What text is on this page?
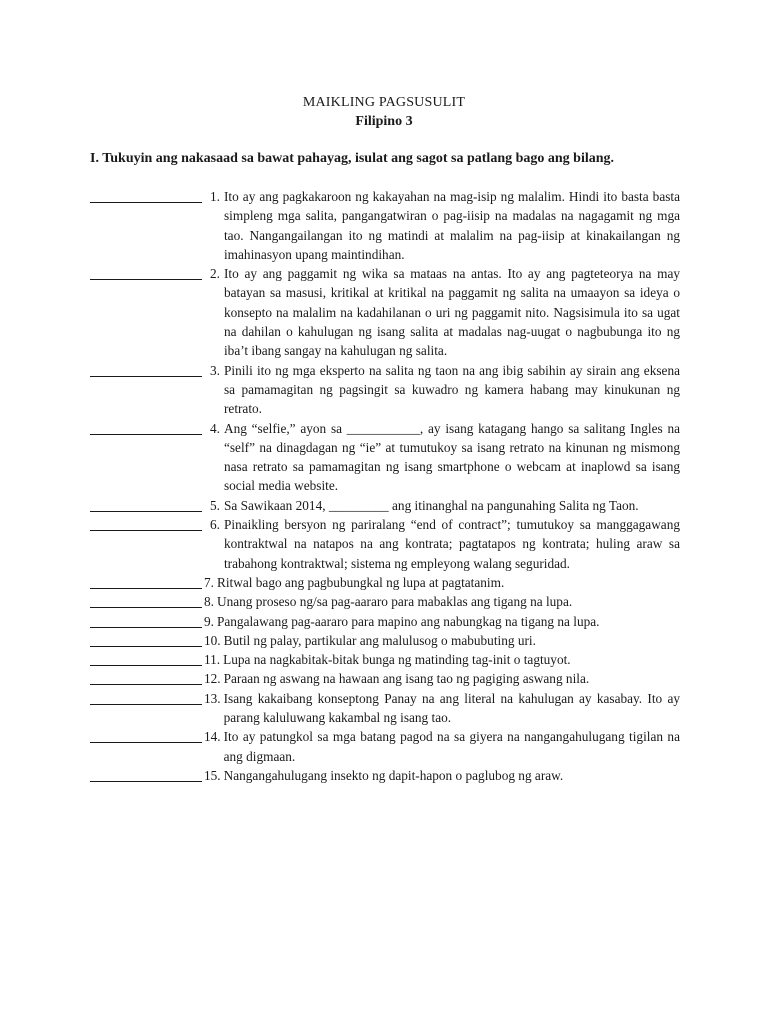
MAIKLING PAGSUSULIT
Filipino 3
I. Tukuyin ang nakasaad sa bawat pahayag, isulat ang sagot sa patlang bago ang bilang.
1. Ito ay ang pagkakaroon ng kakayahan na mag-isip ng malalim. Hindi ito basta basta simpleng mga salita, pangangatwiran o pag-iisip na madalas na nagagamit ng mga tao. Nangangailangan ito ng matindi at malalim na pag-iisip at kinakailangan ng imahinasyon upang maintindihan.
2. Ito ay ang paggamit ng wika sa mataas na antas. Ito ay ang pagteteorya na may batayan sa masusi, kritikal at kritikal na paggamit ng salita na umaayon sa ideya o konsepto na malalim na kadahilanan o uri ng paggamit nito. Nagsisimula ito sa ugat na dahilan o kahulugan ng isang salita at madalas nag-uugat o nagbubunga ito ng iba’t ibang sangay na kahulugan ng salita.
3. Pinili ito ng mga eksperto na salita ng taon na ang ibig sabihin ay sirain ang eksena sa pamamagitan ng pagsingit sa kuwadro ng kamera habang may kinukunan ng retrato.
4. Ang “selfie,” ayon sa ___________, ay isang katagang hango sa salitang Ingles na “self” na dinagdagan ng “ie” at tumutukoy sa isang retrato na kinunan ng mismong nasa retrato sa pamamagitan ng isang smartphone o webcam at inaplowd sa isang social media website.
5. Sa Sawikaan 2014, _________ ang itinanghal na pangunahing Salita ng Taon.
6. Pinaikling bersyon ng pariralang “end of contract”; tumutukoy sa manggagawang kontraktwal na natapos na ang kontrata; pagtatapos ng kontrata; huling araw sa trabahong kontraktwal; sistema ng empleyong walang seguridad.
7. Ritwal bago ang pagbubungkal ng lupa at pagtatanim.
8. Unang proseso ng/sa pag-aararo para mabaklas ang tigang na lupa.
9. Pangalawang pag-aararo para mapino ang nabungkag na tigang na lupa.
10. Butil ng palay, partikular ang malulusog o mabubuting uri.
11. Lupa na nagkabitak-bitak bunga ng matinding tag-init o tagtuyot.
12. Paraan ng aswang na hawaan ang isang tao ng pagiging aswang nila.
13. Isang kakaibang konseptong Panay na ang literal na kahulugan ay kasabay. Ito ay parang kaluluwang kakambal ng isang tao.
14. Ito ay patungkol sa mga batang pagod na sa giyera na nangangahulugang tigilan na ang digmaan.
15. Nangangahulugang insekto ng dapit-hapon o paglubog ng araw.
